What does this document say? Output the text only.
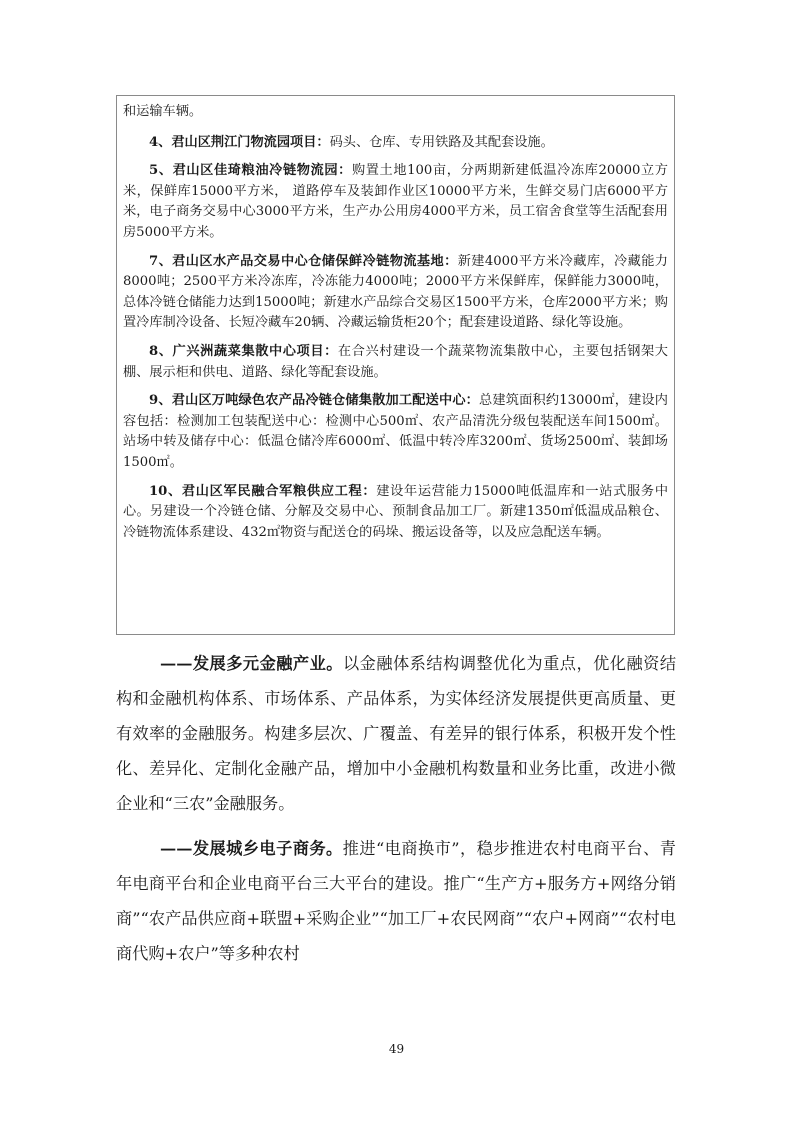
和运输车辆。

4、君山区荆江门物流园项目：码头、仓库、专用铁路及其配套设施。

5、君山区佳琦粮油冷链物流园：购置土地100亩，分两期新建低温冷冻库20000立方米，保鲜库15000平方米， 道路停车及装卸作业区10000平方米，生鲜交易门店6000平方米，电子商务交易中心3000平方米，生产办公用房4000平方米，员工宿舍食堂等生活配套用房5000平方米。

7、君山区水产品交易中心仓储保鲜冷链物流基地：新建4000平方米冷藏库，冷藏能力8000吨；2500平方米冷冻库，冷冻能力4000吨；2000平方米保鲜库，保鲜能力3000吨，总体冷链仓储能力达到15000吨；新建水产品综合交易区1500平方米，仓库2000平方米；购置冷库制冷设备、长短冷藏车20辆、冷藏运输货柜20个；配套建设道路、绿化等设施。

8、广兴洲蔬菜集散中心项目：在合兴村建设一个蔬菜物流集散中心，主要包括钢架大棚、展示柜和供电、道路、绿化等配套设施。

9、君山区万吨绿色农产品冷链仓储集散加工配送中心：总建筑面积约13000㎡，建设内容包括：检测加工包装配送中心：检测中心500㎡、农产品清洗分级包装配送车间1500㎡。站场中转及储存中心：低温仓储冷库6000㎡、低温中转冷库3200㎡、货场2500㎡、装卸场1500㎡。

10、君山区军民融合军粮供应工程：建设年运营能力15000吨低温库和一站式服务中心。另建设一个冷链仓储、分解及交易中心、预制食品加工厂。新建1350㎡低温成品粮仓、冷链物流体系建设、432㎡物资与配送仓的码垛、搬运设备等，以及应急配送车辆。

——发展多元金融产业。以金融体系结构调整优化为重点，优化融资结构和金融机构体系、市场体系、产品体系，为实体经济发展提供更高质量、更有效率的金融服务。构建多层次、广覆盖、有差异的银行体系，积极开发个性化、差异化、定制化金融产品，增加中小金融机构数量和业务比重，改进小微企业和“三农”金融服务。

——发展城乡电子商务。推进“电商换市”，稳步推进农村电商平台、青年电商平台和企业电商平台三大平台的建设。推广“生产方+服务方+网络分销商”“农产品供应商+联盟+采购企业”“加工厂+农民网商”“农户+网商”“农村电商代购+农户”等多种农村

49
